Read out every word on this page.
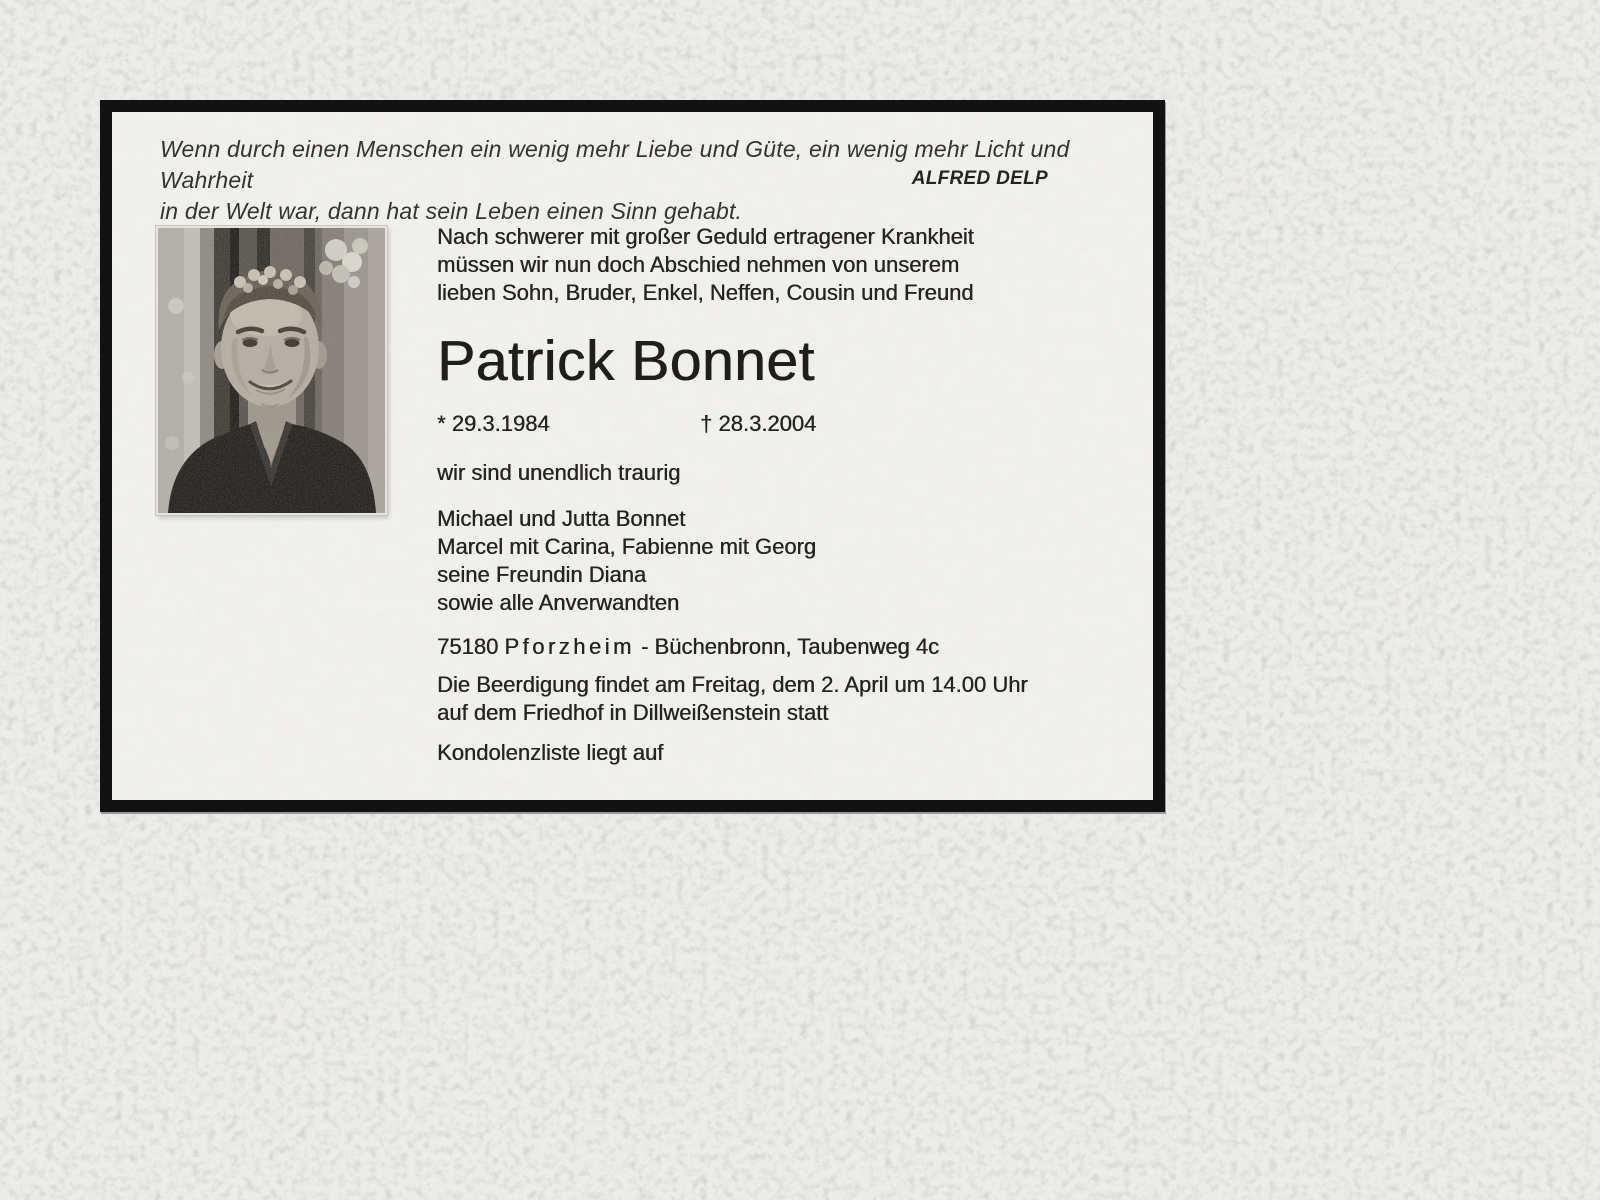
Wenn durch einen Menschen ein wenig mehr Liebe und Güte, ein wenig mehr Licht und Wahrheit
in der Welt war, dann hat sein Leben einen Sinn gehabt.
ALFRED DELP
Nach schwerer mit großer Geduld ertragener Krankheit
müssen wir nun doch Abschied nehmen von unserem
lieben Sohn, Bruder, Enkel, Neffen, Cousin und Freund
Patrick Bonnet
* 29.3.1984	† 28.3.2004
wir sind unendlich traurig
Michael und Jutta Bonnet
Marcel mit Carina, Fabienne mit Georg
seine Freundin Diana
sowie alle Anverwandten
75180 Pforzheim - Büchenbronn, Taubenweg 4c
Die Beerdigung findet am Freitag, dem 2. April um 14.00 Uhr
auf dem Friedhof in Dillweißenstein statt
Kondolenzliste liegt auf
